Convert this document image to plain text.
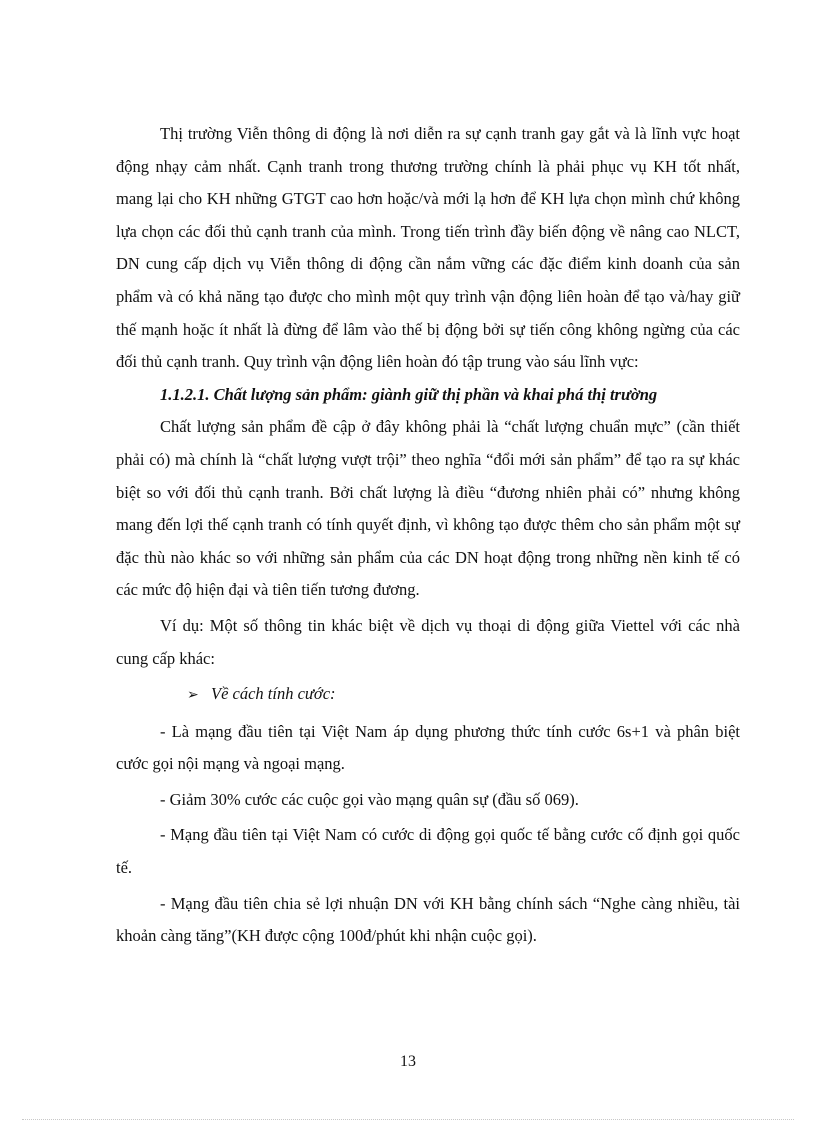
Thị trường Viễn thông di động là nơi diễn ra sự cạnh tranh gay gắt và là lĩnh vực hoạt động nhạy cảm nhất. Cạnh tranh trong thương trường chính là phải phục vụ KH tốt nhất, mang lại cho KH những GTGT cao hơn hoặc/và mới lạ hơn để KH lựa chọn mình chứ không lựa chọn các đối thủ cạnh tranh của mình. Trong tiến trình đầy biến động về nâng cao NLCT, DN cung cấp dịch vụ Viễn thông di động cần nắm vững các đặc điểm kinh doanh của sản phẩm và có khả năng tạo được cho mình một quy trình vận động liên hoàn để tạo và/hay giữ thế mạnh hoặc ít nhất là đừng để lâm vào thế bị động bởi sự tiến công không ngừng của các đối thủ cạnh tranh. Quy trình vận động liên hoàn đó tập trung vào sáu lĩnh vực:

1.1.2.1. Chất lượng sản phẩm: giành giữ thị phần và khai phá thị trường

Chất lượng sản phẩm đề cập ở đây không phải là “chất lượng chuẩn mực” (cần thiết phải có) mà chính là “chất lượng vượt trội” theo nghĩa “đổi mới sản phẩm” để tạo ra sự khác biệt so với đối thủ cạnh tranh. Bởi chất lượng là điều “đương nhiên phải có” nhưng không mang đến lợi thế cạnh tranh có tính quyết định, vì không tạo được thêm cho sản phẩm một sự đặc thù nào khác so với những sản phẩm của các DN hoạt động trong những nền kinh tế có các mức độ hiện đại và tiên tiến tương đương.

Ví dụ: Một số thông tin khác biệt về dịch vụ thoại di động giữa Viettel với các nhà cung cấp khác:

➢ Về cách tính cước:

- Là mạng đầu tiên tại Việt Nam áp dụng phương thức tính cước 6s+1 và phân biệt cước gọi nội mạng và ngoại mạng.

- Giảm 30% cước các cuộc gọi vào mạng quân sự (đầu số 069).

- Mạng đầu tiên tại Việt Nam có cước di động gọi quốc tế bằng cước cố định gọi quốc tế.

- Mạng đầu tiên chia sẻ lợi nhuận DN với KH bằng chính sách “Nghe càng nhiều, tài khoản càng tăng”(KH được cộng 100đ/phút khi nhận cuộc gọi).

13
